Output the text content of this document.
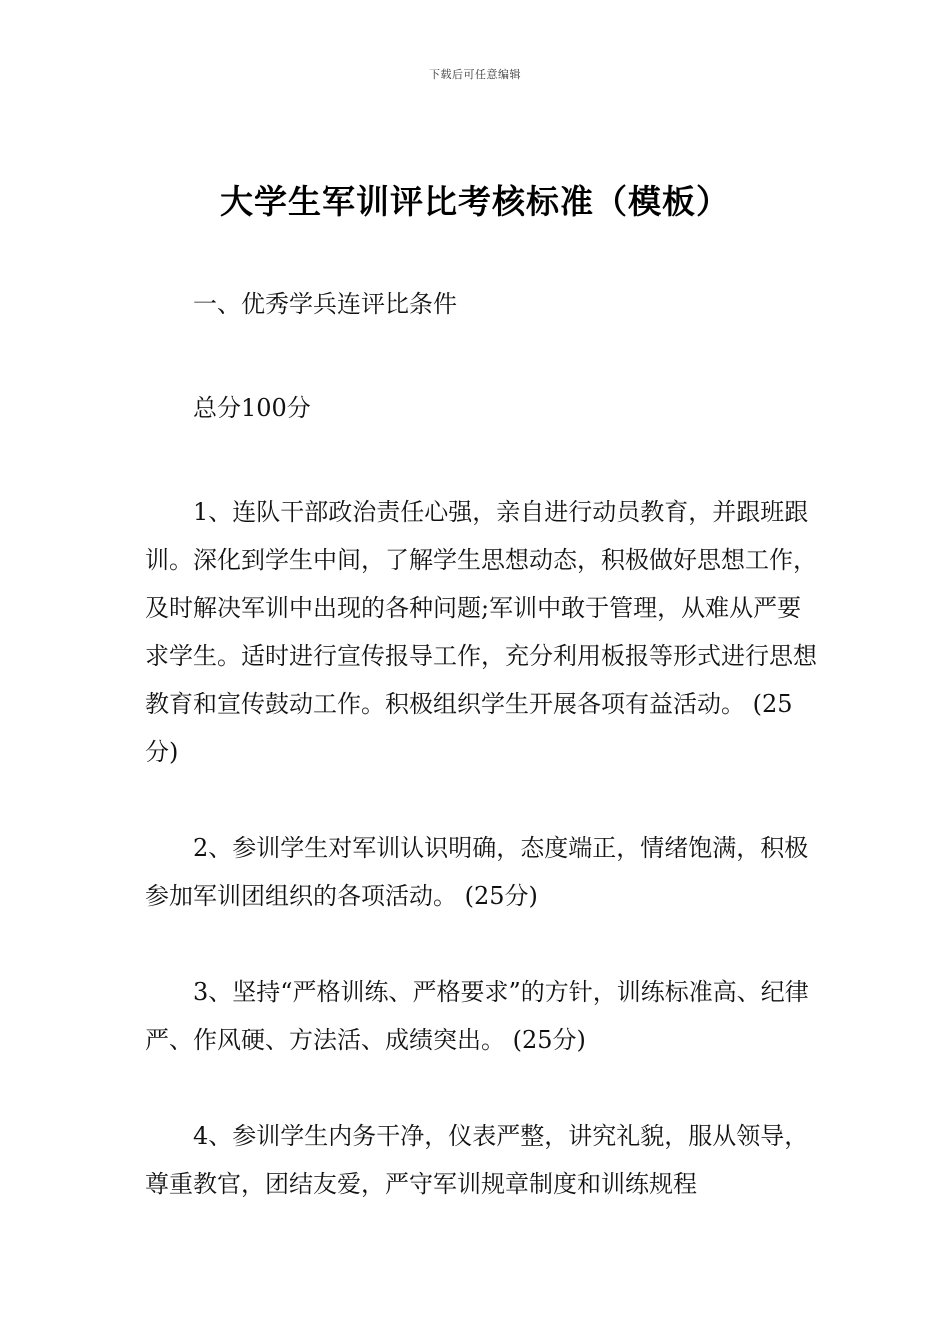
下载后可任意编辑
大学生军训评比考核标准（模板）

一、优秀学兵连评比条件

总分100分

1、连队干部政治责任心强，亲自进行动员教育，并跟班跟训。深化到学生中间，了解学生思想动态，积极做好思想工作，及时解决军训中出现的各种问题;军训中敢于管理，从难从严要求学生。适时进行宣传报导工作，充分利用板报等形式进行思想教育和宣传鼓动工作。积极组织学生开展各项有益活动。 (25分)

2、参训学生对军训认识明确，态度端正，情绪饱满，积极参加军训团组织的各项活动。 (25分)

3、坚持“严格训练、严格要求”的方针，训练标准高、纪律严、作风硬、方法活、成绩突出。 (25分)

4、参训学生内务干净，仪表严整，讲究礼貌，服从领导，尊重教官，团结友爱，严守军训规章制度和训练规程
